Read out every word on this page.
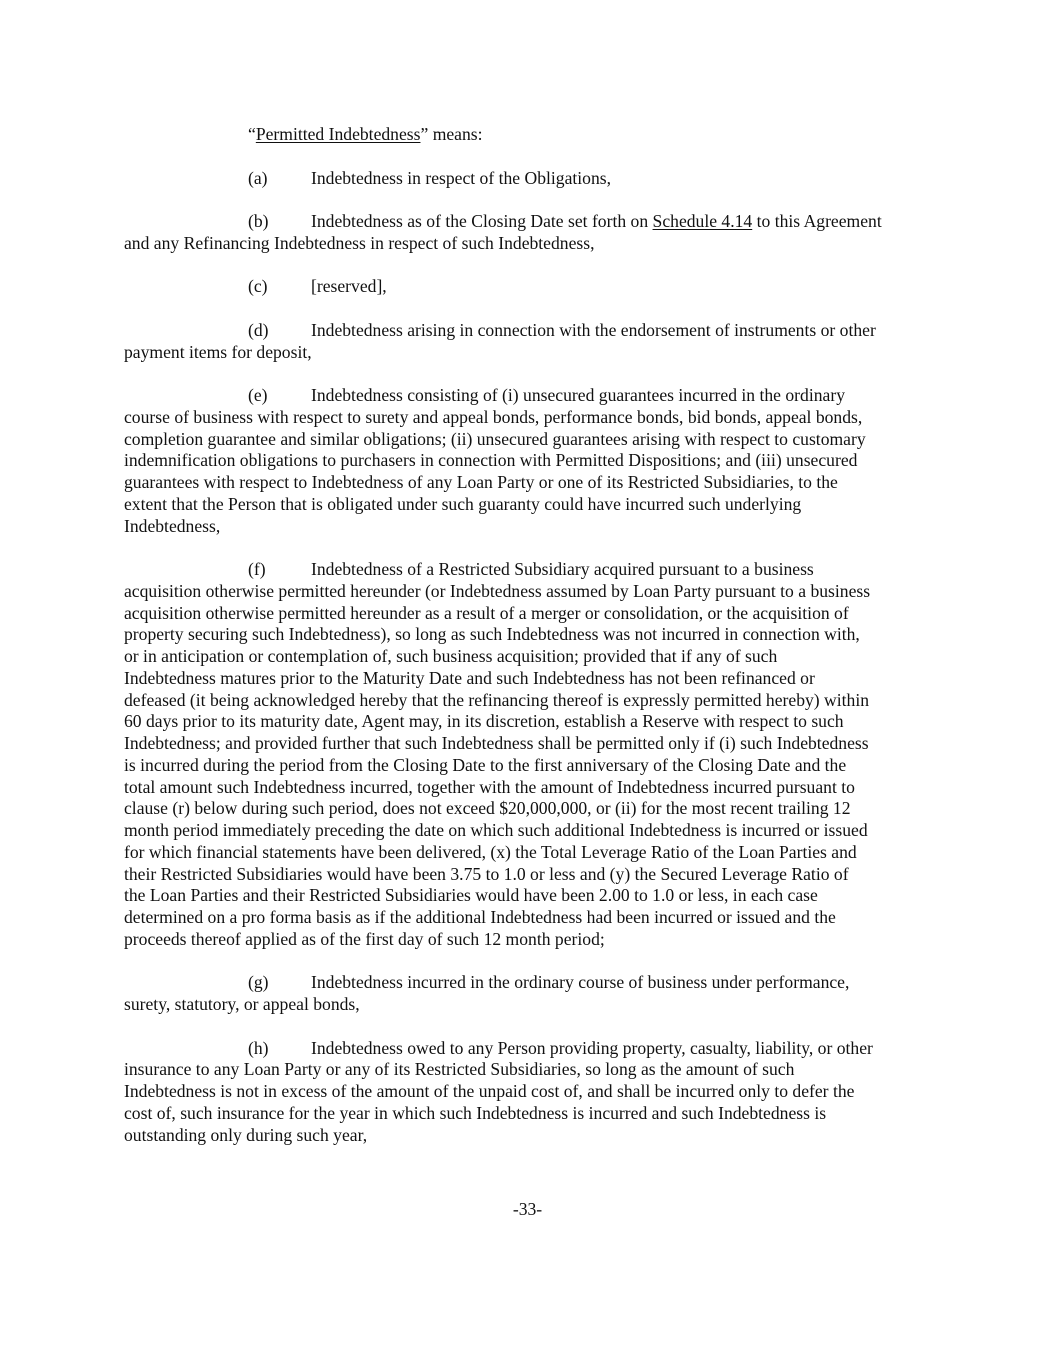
“Permitted Indebtedness” means:
(a) Indebtedness in respect of the Obligations,
(b) Indebtedness as of the Closing Date set forth on Schedule 4.14 to this Agreement
and any Refinancing Indebtedness in respect of such Indebtedness,
(c) [reserved],
(d) Indebtedness arising in connection with the endorsement of instruments or other
payment items for deposit,
(e) Indebtedness consisting of (i) unsecured guarantees incurred in the ordinary
course of business with respect to surety and appeal bonds, performance bonds, bid bonds, appeal bonds,
completion guarantee and similar obligations; (ii) unsecured guarantees arising with respect to customary
indemnification obligations to purchasers in connection with Permitted Dispositions; and (iii) unsecured
guarantees with respect to Indebtedness of any Loan Party or one of its Restricted Subsidiaries, to the
extent that the Person that is obligated under such guaranty could have incurred such underlying
Indebtedness,
(f)	Indebtedness of a Restricted Subsidiary acquired pursuant to a business
acquisition otherwise permitted hereunder (or Indebtedness assumed by Loan Party pursuant to a business
acquisition otherwise permitted hereunder as a result of a merger or consolidation, or the acquisition of
property securing such Indebtedness), so long as such Indebtedness was not incurred in connection with,
or in anticipation or contemplation of, such business acquisition; provided that if any of such
Indebtedness matures prior to the Maturity Date and such Indebtedness has not been refinanced or
defeased (it being acknowledged hereby that the refinancing thereof is expressly permitted hereby) within
60 days prior to its maturity date, Agent may, in its discretion, establish a Reserve with respect to such
Indebtedness; and provided further that such Indebtedness shall be permitted only if (i) such Indebtedness
is incurred during the period from the Closing Date to the first anniversary of the Closing Date and the
total amount such Indebtedness incurred, together with the amount of Indebtedness incurred pursuant to
clause (r) below during such period, does not exceed $20,000,000, or (ii) for the most recent trailing 12
month period immediately preceding the date on which such additional Indebtedness is incurred or issued
for which financial statements have been delivered, (x) the Total Leverage Ratio of the Loan Parties and
their Restricted Subsidiaries would have been 3.75 to 1.0 or less and (y) the Secured Leverage Ratio of
the Loan Parties and their Restricted Subsidiaries would have been 2.00 to 1.0 or less, in each case
determined on a pro forma basis as if the additional Indebtedness had been incurred or issued and the
proceeds thereof applied as of the first day of such 12 month period;
(g) Indebtedness incurred in the ordinary course of business under performance,
surety, statutory, or appeal bonds,
(h) Indebtedness owed to any Person providing property, casualty, liability, or other
insurance to any Loan Party or any of its Restricted Subsidiaries, so long as the amount of such
Indebtedness is not in excess of the amount of the unpaid cost of, and shall be incurred only to defer the
cost of, such insurance for the year in which such Indebtedness is incurred and such Indebtedness is
outstanding only during such year,
-33-
